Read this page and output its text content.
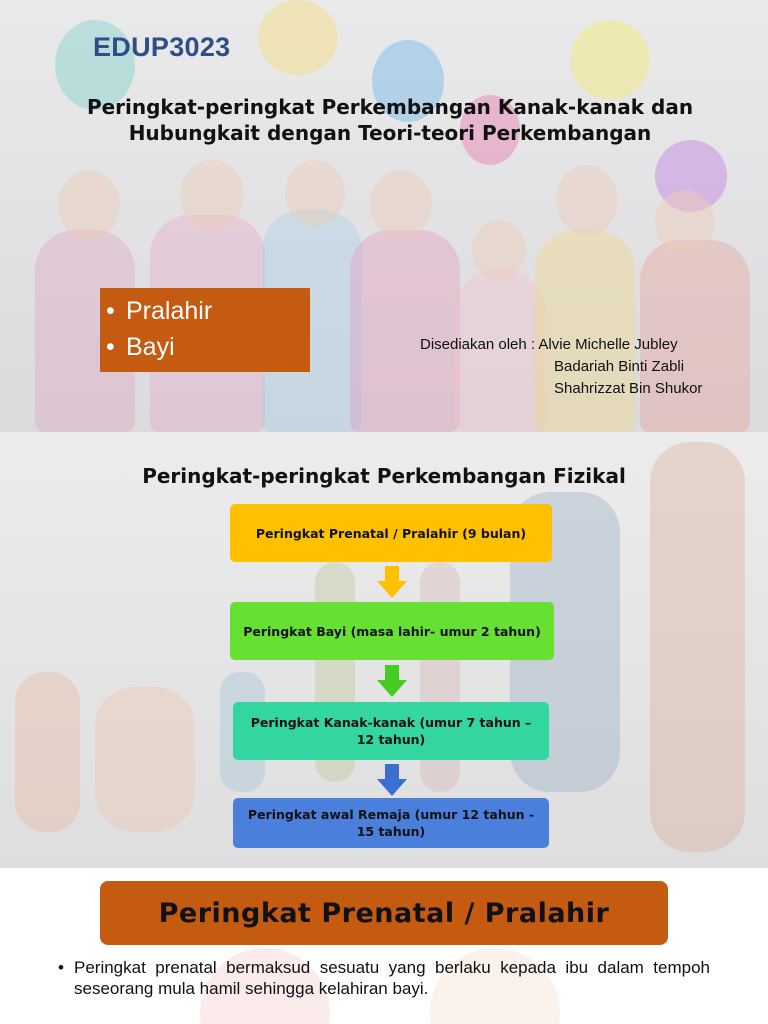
EDUP3023
Peringkat-peringkat Perkembangan Kanak-kanak dan Hubungkait dengan Teori-teori Perkembangan
• Pralahir
• Bayi	Disediakan oleh : Alvie Michelle Jubley
Badariah Binti Zabli
Shahrizzat Bin Shukor
Peringkat-peringkat Perkembangan Fizikal
Peringkat Prenatal / Pralahir (9 bulan)
Peringkat Bayi (masa lahir- umur 2 tahun)
Peringkat Kanak-kanak (umur 7 tahun – 12 tahun)
Peringkat awal Remaja (umur 12 tahun - 15 tahun)
Peringkat Prenatal / Pralahir

• Peringkat prenatal bermaksud sesuatu yang berlaku kepada ibu dalam tempoh seseorang mula hamil sehingga kelahiran bayi.
